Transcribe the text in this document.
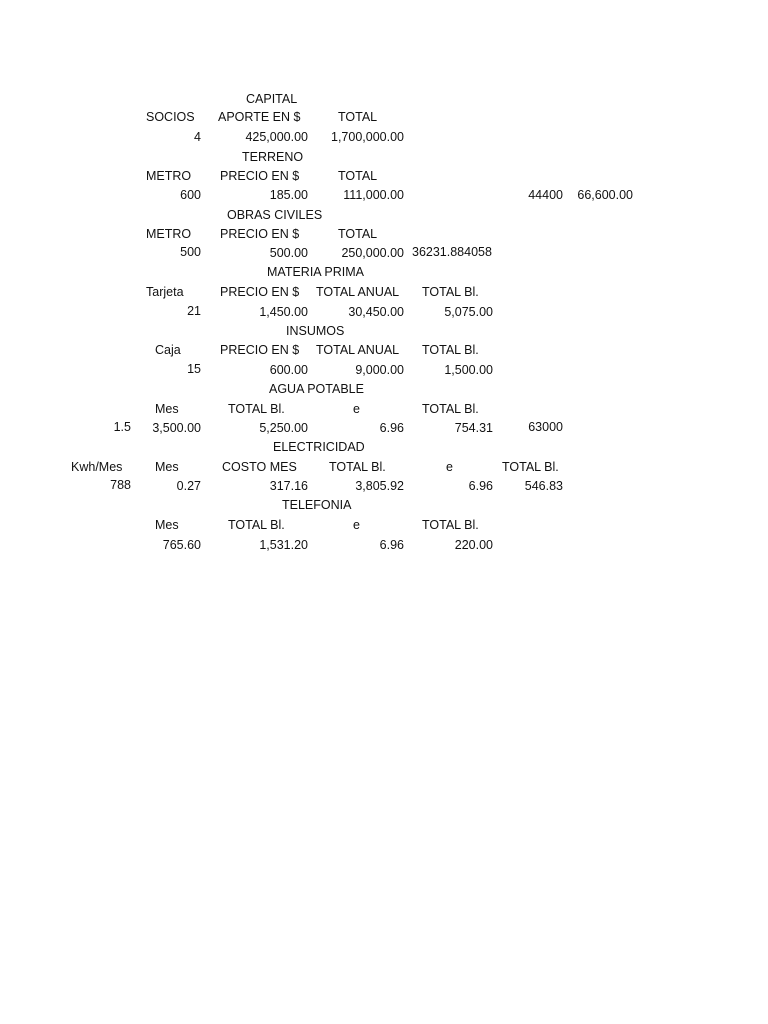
CAPITAL
SOCIOS APORTE EN $	TOTAL
4	425,000.00 1,700,000.00
TERRENO
METRO PRECIO EN $	TOTAL
600	185.00	111,000.00	44400 66,600.00
OBRAS CIVILES
METRO PRECIO EN $	TOTAL
500	500.00	250,000.00 36231.884058
MATERIA PRIMA
Tarjeta	PRECIO EN $ TOTAL ANUAL TOTAL Bl.
21	1,450.00	30,450.00	5,075.00
INSUMOS
Caja	PRECIO EN $ TOTAL ANUAL TOTAL Bl.
15	600.00	9,000.00	1,500.00
AGUA POTABLE
Mes	TOTAL Bl.	e	TOTAL Bl.
1.5 3,500.00	5,250.00	6.96	754.31	63000
ELECTRICIDAD
Kwh/Mes	Mes	COSTO MES	TOTAL Bl.	e	TOTAL Bl.
788	0.27	317.16	3,805.92	6.96	546.83
TELEFONIA
Mes	TOTAL Bl.	e	TOTAL Bl.
765.60	1,531.20	6.96	220.00
